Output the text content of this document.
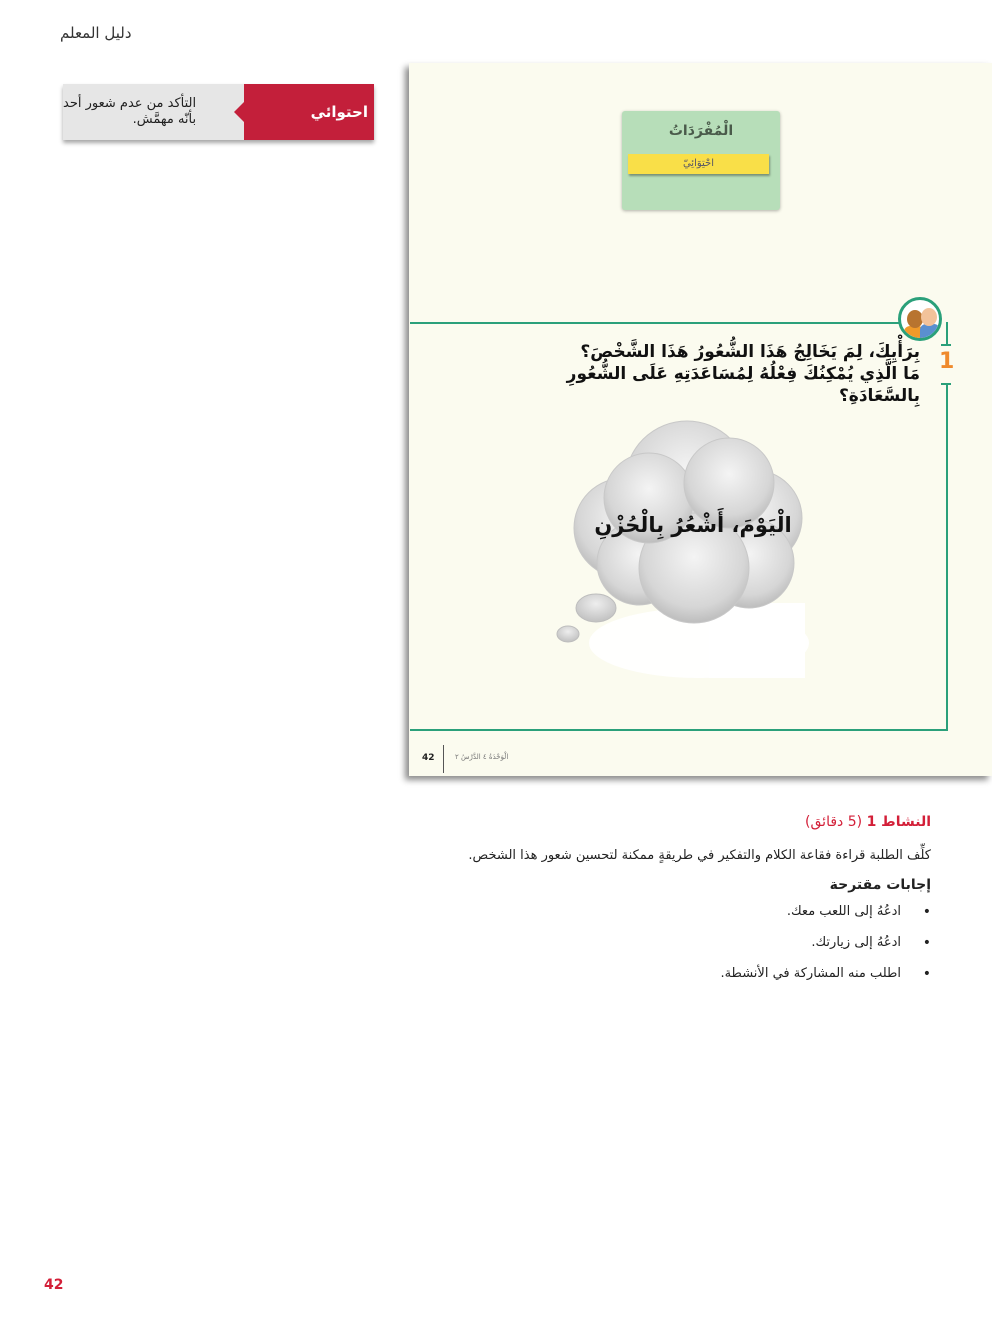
دليل المعلم
التأكد من عدم شعور أحد
بأنّه مهمَّش.	احتوائي
الْمُفْرَدَاتُ
احْتِوَائِيّ
1
بِرَأْيِكَ، لِمَ يَخَالِجُ هَذَا الشُّعُورُ هَذَا الشَّخْصَ؟
مَا الَّذِي يُمْكِنُكَ فِعْلُهُ لِمُسَاعَدَتِهِ عَلَى الشُّعُورِ بِالسَّعَادَةِ؟
الْيَوْمَ، أَشْعُرُ بِالْحُزْنِ
42	الْوَحْدَةُ ٤ الدَّرْسُ ٢
النشاط 1 (5 دقائق)
كلِّف الطلبة قراءة فقاعة الكلام والتفكير في طريقةٍ ممكنة لتحسين شعور هذا الشخص.
إجابات مقترحة
• ادعُهُ إلى اللعب معك.
• ادعُهُ إلى زيارتك.
• اطلب منه المشاركة في الأنشطة.
42
